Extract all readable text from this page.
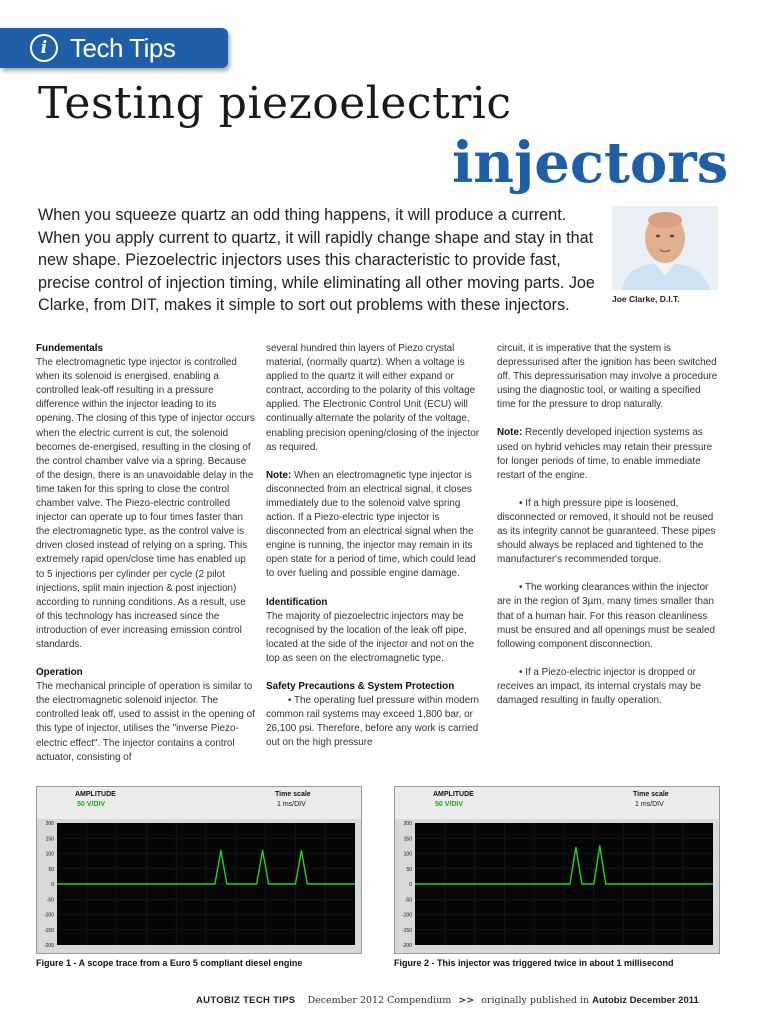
i Tech Tips
Testing piezoelectric
injectors
When you squeeze quartz an odd thing happens, it will produce a current. When you apply current to quartz, it will rapidly change shape and stay in that new shape. Piezoelectric injectors uses this characteristic to provide fast, precise control of injection timing, while eliminating all other moving parts. Joe Clarke, from DIT, makes it simple to sort out problems with these injectors.	Joe Clarke, D.I.T.
Fundementals

The electromagnetic type injector is controlled when its solenoid is energised, enabling a controlled leak-off resulting in a pressure difference within the injector leading to its opening. The closing of this type of injector occurs when the electric current is cut, the solenoid becomes de-energised, resulting in the closing of the control chamber valve via a spring. Because of the design, there is an unavoidable delay in the time taken for this spring to close the control chamber valve. The Piezo-electric controlled injector can operate up to four times faster than the electromagnetic type, as the control valve is driven closed instead of relying on a spring. This extremely rapid open/close time has enabled up to 5 injections per cylinder per cycle (2 pilot injections, split main injection & post injection) according to running conditions. As a result, use of this technology has increased since the introduction of ever increasing emission control standards.

Operation

The mechanical principle of operation is similar to the electromagnetic solenoid injector. The controlled leak off, used to assist in the opening of this type of injector, utilises the "inverse Piezo-electric effect". The injector contains a control actuator, consisting of

several hundred thin layers of Piezo crystal material, (normally quartz). When a voltage is applied to the quartz it will either expand or contract, according to the polarity of this voltage applied. The Electronic Control Unit (ECU) will continually alternate the polarity of the voltage, enabling precision opening/closing of the injector as required.

Note: When an electromagnetic type injector is disconnected from an electrical signal, it closes immediately due to the solenoid valve spring action. If a Piezo-electric type injector is disconnected from an electrical signal when the engine is running, the injector may remain in its open state for a period of time, which could lead to over fueling and possible engine damage.

Identification

The majority of piezoelectric injectors may be recognised by the location of the leak off pipe, located at the side of the injector and not on the top as seen on the electromagnetic type.

Safety Precautions & System Protection

• The operating fuel pressure within modern common rail systems may exceed 1,800 bar, or 26,100 psi. Therefore, before any work is carried out on the high pressure

circuit, it is imperative that the system is depressurised after the ignition has been switched off. This depressurisation may involve a procedure using the diagnostic tool, or waiting a specified time for the pressure to drop naturally.

Note: Recently developed injection systems as used on hybrid vehicles may retain their pressure for longer periods of time, to enable immediate restart of the engine.

• If a high pressure pipe is loosened, disconnected or removed, it should not be reused as its integrity cannot be guaranteed. These pipes should always be replaced and tightened to the manufacturer's recommended torque.

• The working clearances within the injector are in the region of 3µm, many times smaller than that of a human hair. For this reason cleanliness must be ensured and all openings must be sealed following component disconnection.

• If a Piezo-electric injector is dropped or receives an impact, its internal crystals may be damaged resulting in faulty operation.

AMPLITUDE
50 V/DIV
Time scale
1 ms/DIV
200
150
100
50
0
-50
-100
-150
-200
Figure 1 - A scope trace from a Euro 5 compliant diesel engine
AMPLITUDE
50 V/DIV
Time scale
1 ms/DIV
200
150
100
50
0
-50
-100
-150
-200
Figure 2 - This injector was triggered twice in about 1 millisecond
AUTOBIZ TECH TIPS December 2012 Compendium >> originally published in Autobiz December 2011
